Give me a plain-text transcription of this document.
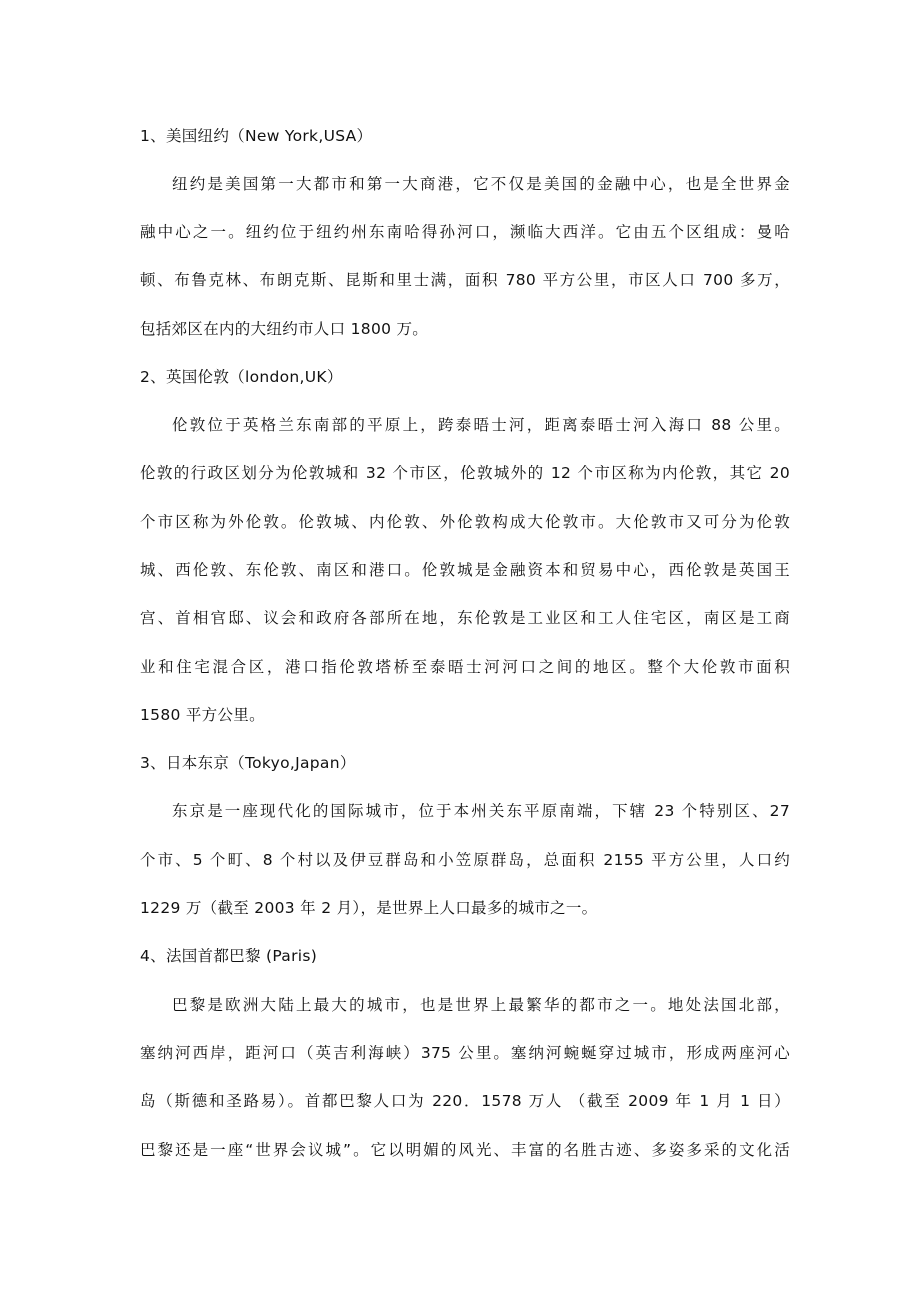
1、美国纽约（New York,USA）
纽约是美国第一大都市和第一大商港，它不仅是美国的金融中心，也是全世界金
融中心之一。纽约位于纽约州东南哈得孙河口，濒临大西洋。它由五个区组成：曼哈
顿、布鲁克林、布朗克斯、昆斯和里士满，面积 780 平方公里，市区人口 700 多万，
包括郊区在内的大纽约市人口 1800 万。
2、英国伦敦（london,UK）
伦敦位于英格兰东南部的平原上，跨泰晤士河，距离泰晤士河入海口 88 公里。
伦敦的行政区划分为伦敦城和 32 个市区，伦敦城外的 12 个市区称为内伦敦，其它 20
个市区称为外伦敦。伦敦城、内伦敦、外伦敦构成大伦敦市。大伦敦市又可分为伦敦
城、西伦敦、东伦敦、南区和港口。伦敦城是金融资本和贸易中心，西伦敦是英国王
宫、首相官邸、议会和政府各部所在地，东伦敦是工业区和工人住宅区，南区是工商
业和住宅混合区，港口指伦敦塔桥至泰晤士河河口之间的地区。整个大伦敦市面积
1580 平方公里。
3、日本东京（Tokyo,Japan）
东京是一座现代化的国际城市，位于本州关东平原南端，下辖 23 个特别区、27
个市、5 个町、8 个村以及伊豆群岛和小笠原群岛，总面积 2155 平方公里，人口约
1229 万（截至 2003 年 2 月），是世界上人口最多的城市之一。
4、法国首都巴黎 (Paris)
巴黎是欧洲大陆上最大的城市，也是世界上最繁华的都市之一。地处法国北部，
塞纳河西岸，距河口（英吉利海峡）375 公里。塞纳河蜿蜒穿过城市，形成两座河心
岛（斯德和圣路易）。首都巴黎人口为 220．1578 万人 （截至 2009 年 1 月 1 日）
巴黎还是一座“世界会议城”。它以明媚的风光、丰富的名胜古迹、多姿多采的文化活
